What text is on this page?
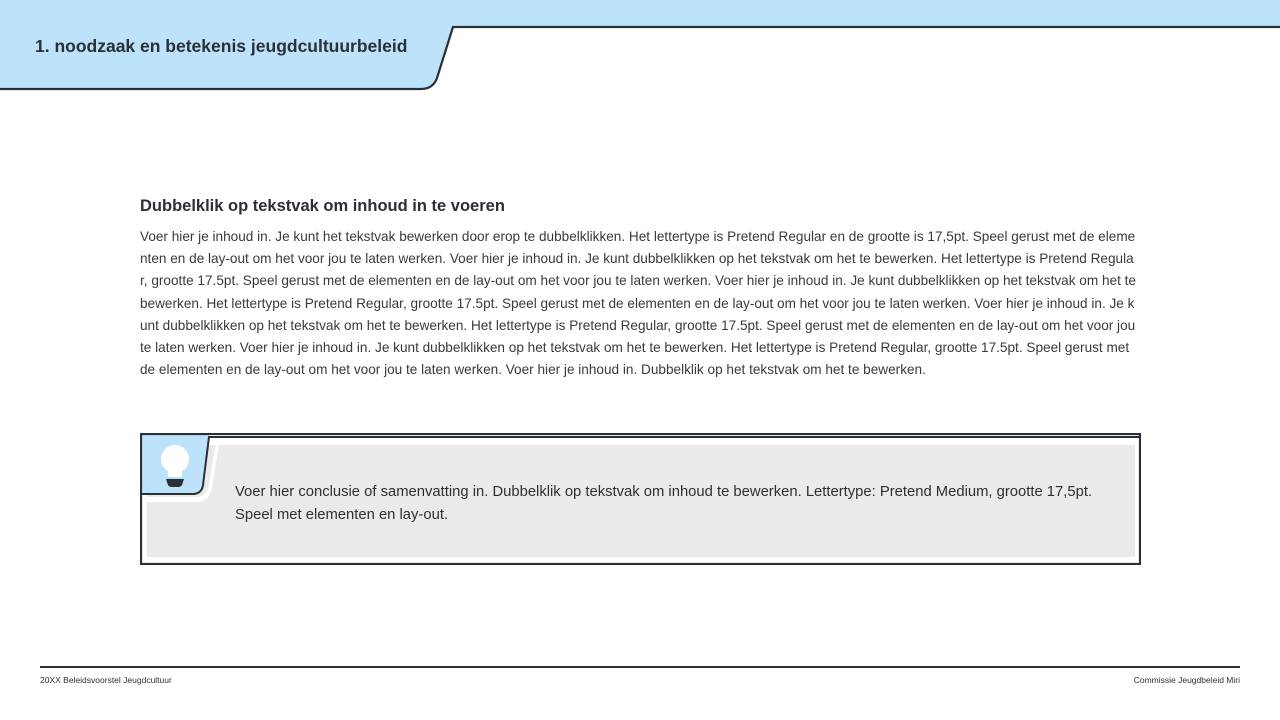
1. noodzaak en betekenis jeugdcultuurbeleid
Dubbelklik op tekstvak om inhoud in te voeren

Voer hier je inhoud in. Je kunt het tekstvak bewerken door erop te dubbelklikken. Het lettertype is Pretend Regular en de grootte is 17,5pt. Speel gerust met de elementen en de lay-out om het voor jou te laten werken. Voer hier je inhoud in. Je kunt dubbelklikken op het tekstvak om het te bewerken. Het lettertype is Pretend Regular, grootte 17.5pt. Speel gerust met de elementen en de lay-out om het voor jou te laten werken. Voer hier je inhoud in. Je kunt dubbelklikken op het tekstvak om het te bewerken. Het lettertype is Pretend Regular, grootte 17.5pt. Speel gerust met de elementen en de lay-out om het voor jou te laten werken. Voer hier je inhoud in. Je kunt dubbelklikken op het tekstvak om het te bewerken. Het lettertype is Pretend Regular, grootte 17.5pt. Speel gerust met de elementen en de lay-out om het voor jou te laten werken. Voer hier je inhoud in. Je kunt dubbelklikken op het tekstvak om het te bewerken. Het lettertype is Pretend Regular, grootte 17.5pt. Speel gerust met de elementen en de lay-out om het voor jou te laten werken. Voer hier je inhoud in. Dubbelklik op het tekstvak om het te bewerken.

Voer hier conclusie of samenvatting in. Dubbelklik op tekstvak om inhoud te bewerken. Lettertype: Pretend Medium, grootte 17,5pt. Speel met elementen en lay-out.
20XX Beleidsvoorstel Jeugdcultuur	Commissie Jeugdbeleid Miri
